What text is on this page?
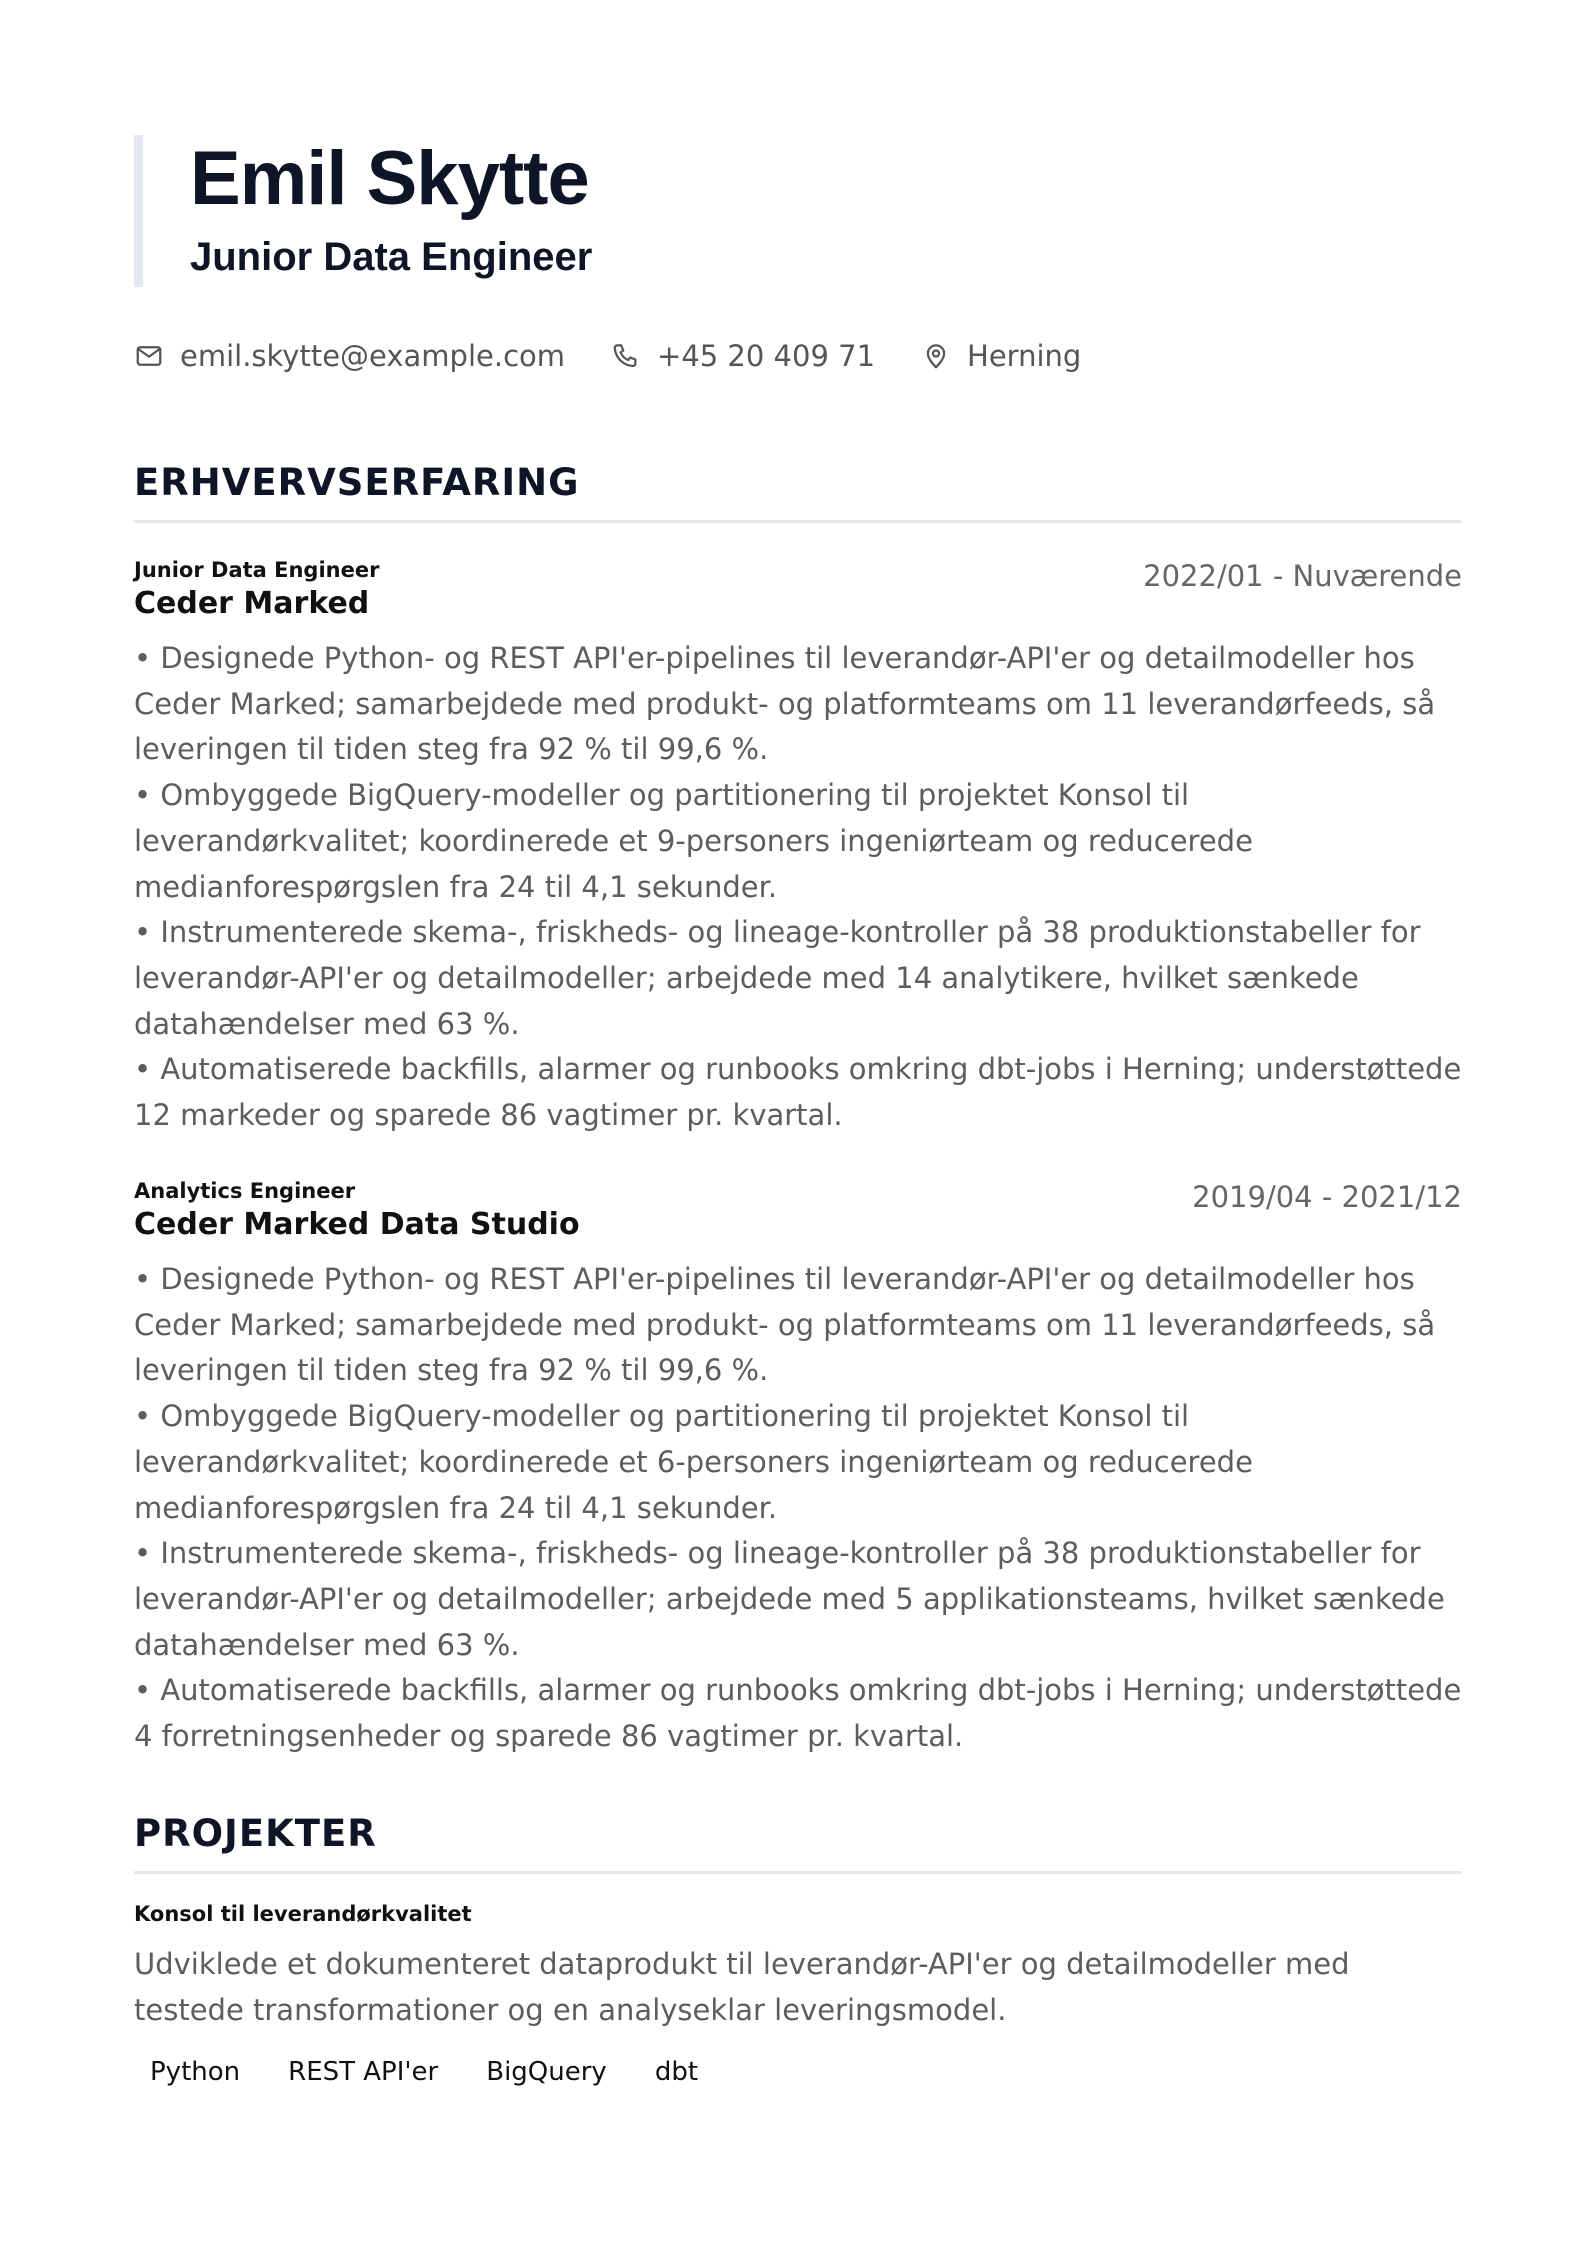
Emil Skytte
Junior Data Engineer
emil.skytte@example.com	+45 20 409 71	Herning
ERHVERVSERFARING
Junior Data Engineer	2022/01 - Nuværende
Ceder Marked
• Designede Python- og REST API'er-pipelines til leverandør-API'er og detailmodeller hos Ceder Marked; samarbejdede med produkt- og platformteams om 11 leverandørfeeds, så leveringen til tiden steg fra 92 % til 99,6 %.
• Ombyggede BigQuery-modeller og partitionering til projektet Konsol til leverandørkvalitet; koordinerede et 9-personers ingeniørteam og reducerede medianforespørgslen fra 24 til 4,1 sekunder.
• Instrumenterede skema-, friskheds- og lineage-kontroller på 38 produktionstabeller for leverandør-API'er og detailmodeller; arbejdede med 14 analytikere, hvilket sænkede datahændelser med 63 %.
• Automatiserede backfills, alarmer og runbooks omkring dbt-jobs i Herning; understøttede 12 markeder og sparede 86 vagtimer pr. kvartal.
Analytics Engineer	2019/04 - 2021/12
Ceder Marked Data Studio
• Designede Python- og REST API'er-pipelines til leverandør-API'er og detailmodeller hos Ceder Marked; samarbejdede med produkt- og platformteams om 11 leverandørfeeds, så leveringen til tiden steg fra 92 % til 99,6 %.
• Ombyggede BigQuery-modeller og partitionering til projektet Konsol til leverandørkvalitet; koordinerede et 6-personers ingeniørteam og reducerede medianforespørgslen fra 24 til 4,1 sekunder.
• Instrumenterede skema-, friskheds- og lineage-kontroller på 38 produktionstabeller for leverandør-API'er og detailmodeller; arbejdede med 5 applikationsteams, hvilket sænkede datahændelser med 63 %.
• Automatiserede backfills, alarmer og runbooks omkring dbt-jobs i Herning; understøttede 4 forretningsenheder og sparede 86 vagtimer pr. kvartal.
PROJEKTER
Konsol til leverandørkvalitet

Udviklede et dokumenteret dataprodukt til leverandør-API'er og detailmodeller med testede transformationer og en analyseklar leveringsmodel.

Python	REST API'er	BigQuery	dbt
